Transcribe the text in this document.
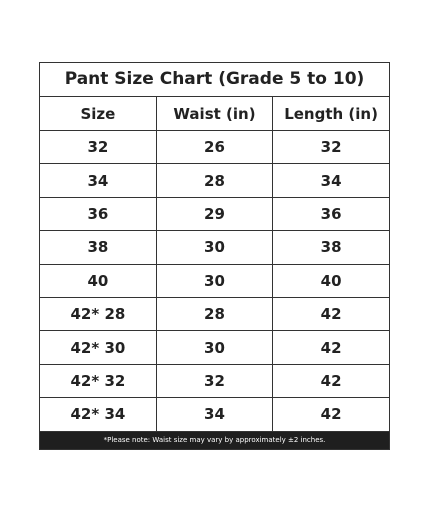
Pant Size Chart (Grade 5 to 10)
Size	Waist (in)	Length (in)
32	26	32
34	28	34
36	29	36
38	30	38
40	30	40
42* 28	28	42
42* 30	30	42
42* 32	32	42
42* 34	34	42
*Please note: Waist size may vary by approximately ±2 inches.
